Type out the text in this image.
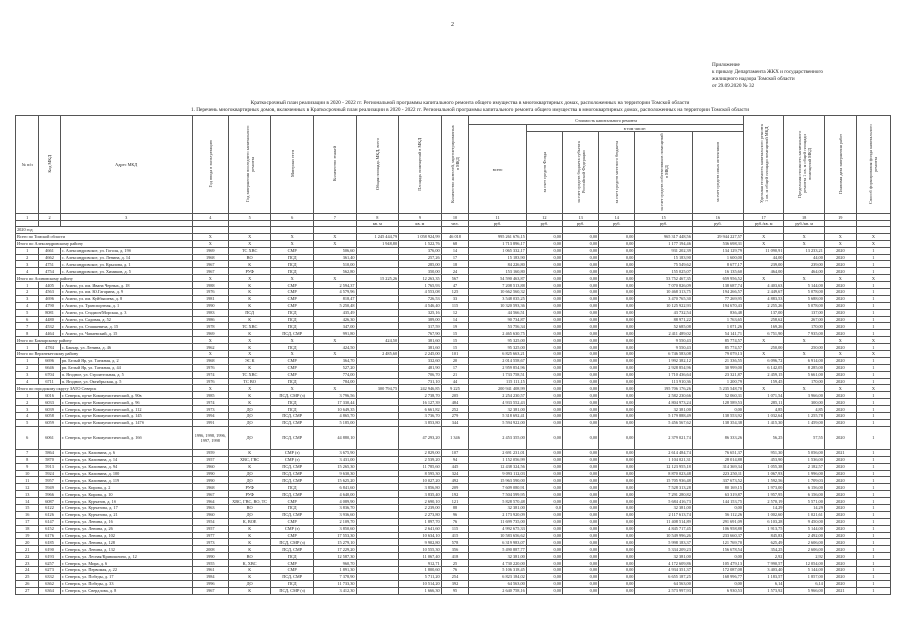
2
Приложение
к приказу Департамента ЖКХ и государственного
жилищного надзора Томской области
от 29.09.2020 № 32
Краткосрочный план реализации в 2020 - 2022 гг. Региональной программы капитального ремонта общего имущества в многоквартирных домах, расположенных на территории Томской области
1. Перечень многоквартирных домов, включенных в Краткосрочный план реализации в 2020 - 2022 гг. Региональной программы капитального ремонта общего имущества в многоквартирных домах, расположенных на территории Томской области
№ п/п	Код МКД	Адрес МКД	Год ввода в эксплуатацию	Год завершения последнего капитального ремонта	Материал стен	Количество этажей	Общая площадь МКД, всего	Площадь помещений в МКД	Количество жителей, зарегистрированных в МКД	Стоимость капитального ремонта						Удельная стоимость капитального ремонта 1 кв. м общей площади помещений МКД	Предельная стоимость капитального ремонта 1 кв. м общей площади помещений МКД	Плановая дата завершения работ	Способ формирования фонда капитального ремонта
										всего	в том числе:								
											за счет средств Фонда	за счет средств бюджета субъекта Российской Федерации	за счет средств местного бюджета	за счет средств собственников помещений в МКД	за счет средств иных источников				
1	2	3	4	5	6	7	8	9	10	11	12	13	14	15	16	17	18	19	
							кв. м	кв. м	чел.	руб.	руб.	руб.	руб.	руб.	руб.	руб./кв. м	руб./кв. м		
2020 год																			
Всего по Томской области			Х	Х	Х	Х	1 245 444,79	1 058 924,99	46 018	995 261 676,15	0,00	0,00	0,00	965 317 448,56	29 944 227,57	Х	Х	Х	Х
Итого по Александровскому району			Х	Х	Х	Х	1 948,80	1 522,76	68	1 713 896,17	0,00	0,00	0,00	1 177 194,46	536 698,31	Х	Х	Х	Х
1	4661	с. Александровское, ул. Гоголя, д. 19б	1969	ТС ХВС	СМР	506,60		376,00	14	1 065 332,17	0,00	0,00	0,00	931 202,39	134 129,79	11 090,91	13 233,21	2020	1
2	4662	с. Александровское, ул. Ленина, д. 14	1968	ВО	ПСД	361,40		257,26	17	15 183,90	0,00	0,00	0,00	15 183,90	1 600,00	44,00	44,00	2020	1
3	4751	с. Александровское, ул. Крылова, д. 1	1967	К	ПСД	510,00		285,00	18	84 226,80	0,00	0,00	0,00	75 549,62	8 677,17	239,00	239,00	2020	1
4	4754	с. Александровское, ул. Химиков, д. 5	1967	РУФ	ПСД	562,80		350,00	24	153 160,80	0,00	0,00	0,00	155 025,07	16 135,60	464,00	464,00	2020	1
Итого по Асиновскому району			Х	Х	Х	Х	15 225,26	12 263,35	567	54 590 463,87	0,00	0,00	0,00	53 752 467,35	659 956,52	Х	Х	Х	Х
1	4405	г. Асино, ул. им. Ивана Черных, д. 18	1988	К	СМР	2 594,37		1 765,93	47	7 208 513,88	0,00	0,00	0,00	7 070 826,09	138 687,74	4 403,63	5 144,00	2020	1
2	4563	г. Асино, ул. им. Ю.Гагарина, д. 9	1976	К	СМР	4 579,96		4 553,08	125	10 662 560,32	0,00	0,00	0,00	10 468 313,75	194 266,57	2 449,67	5 078,00	2020	1
3	4696	г. Асино, ул. им. Куйбышева, д. 8	1981	К	СМР	818,47		726,53	33	3 548 035,25	0,00	0,00	0,00	3 470 765,30	77 269,95	4 883,53	5 688,00	2020	1
4	4790	г. Асино, ул. Транспортная, д. 1	1990	К	СМР	5 250,48		4 546,40	115	10 320 593,36	0,00	0,00	0,00	10 125 922,93	194 670,43	2 255,26	5 078,00	2020	1
5	8081	г. Асино, ул. Стадион/Морская, д. 3	1983	ПСД	ПСД	435,49		325,16	12	44 566,51	0,00	0,00	0,00	43 732,54	836,48	137,00	137,00	2020	1
6	4480	г. Асино, ул. Садовая, д. 52	1986	К	ПСД	426,30		389,00	14	90 734,87	0,00	0,00	0,00	88 971,22	1 763,65	258,62	267,00	2020	1
7	4532	г. Асино, ул. Сташкевича, д. 15	1978	ТС ХВС	ПСД	347,00		317,59	19	53 756,34	0,00	0,00	0,00	52 685,08	1 071,26	169,26	170,00	2020	1
8	4464	г. Асино, ул. Чапаевский, д. 15	1969	К	ПСД, СМР	991,80		767,90	15	2 465 630,75	0,00	0,00	0,00	2 411 489,02	54 141,71	6 751,90	7 935,00	2020	1
Итого по Бакчарскому району			Х	Х	Х	Х	424,50	381,60	15	95 325,00	0,00	0,00	0,00	9 550,43	85 774,57	Х	Х	Х	Х
1	4784	с. Бакчар, ул. Ленина, д. 46	1962	К	ПСД	424,50		381,60	15	95 325,00	0,00	0,00	0,00	9 550,43	85 774,57	250,00	250,00	2020	1
Итого по Верхнекетскому району			Х	Х	Х	Х	2 485,60	2 245,00	101	6 825 663,21	0,00	0,00	0,00	6 746 583,08	79 079,13	Х	Х	Х	Х
1	6696	рп. Белый Яр, ул. Таежная, д. 2	1968	ЭС К	СМР	364,70		332,60	20	2 014 558,67	0,00	0,00	0,00	1 992 382,12	21 336,55	6 096,72	6 914,00	2020	1
2	6646	рп. Белый Яр, ул. Таежная, д. 44	1976	К	СМР	527,20		481,90	17	2 959 854,96	0,00	0,00	0,00	2 928 854,96	30 999,00	6 142,05	8 285,00	2020	1
3	6704	п. Ягодное, ул. Строительная, д. 5	1974	ТС ХВС	СМР	774,00		706,70	21	1 733 758,51	0,00	0,00	0,00	1 710 436,64	23 321,87	2 459,15	5 661,00	2020	1
4	6711	п. Ягодное, ул. Октябрьская, д. 5	1976	ТС ВО	ПСД	784,00		731,10	44	115 111,15	0,00	0,00	0,00	113 910,36	1 200,79	159,45	170,00	2020	1
Итого по городскому округу ЗАТО Северск			Х	Х	Х	Х	300 794,75	242 946,85	9 225	200 941 408,99	0,00	0,00	0,00	195 706 176,26	5 235 548,70	Х	Х	Х	Х
1	6016	г. Северск, пр-кт Коммунистический, д. 90в	1985	К	ПСД, СМР (з)	3 796,56		2 738,70	205	2 254 230,57	0,00	0,00	0,00	2 582 230,66	52 060,31	1 071,54	3 966,00	2020	1
2	6033	г. Северск, пр-кт Коммунистический, д. 96	1974	К	ПСД	17 330,44		16 127,39	484	4 933 552,43	0,00	0,00	0,00	4 804 973,24	128 589,53	285,11	300,00	2020	1
3	6039	г. Северск, пр-кт Коммунистический, д. 112	1973	ДО	ПСД	10 649,35		6 661,82	252	32 381,00	0,00	0,00	0,00	32 381,00	0,00	4,85	4,85	2020	1
4	6058	г. Северск, пр-кт Коммунистический, д. 145	1994	ДО	ПСД, СМР	4 865,70		3 736,70	279	5 318 692,41	0,00	0,00	0,00	5 179 888,49	138 553,92	1 032,64	1 255,78	2020	1
5	6059	г. Северск, пр-кт Коммунистический, д. 147б	1991	ДО	ПСД, СМР	5 185,00		3 853,80	344	5 594 922,00	0,00	0,00	0,00	5 456 567,62	138 354,38	1 415,30	1 459,00	2020	1
6	6061	г. Северск, пр-кт Коммунистический, д. 16б	1996, 1998, 1996, 1997, 1998	ДО	ПСД, СМР	44 880,10		47 293,20	1 346	2 453 355,00	0,00	0,00	0,00	2 379 021,74	86 333,26	56,25	57,55	2020	1
7	5864	г. Северск, ул. Калинина, д. 6	1959	К	СМР (з)	3 675,90		2 829,00	107	2 691 231,01	0,00	0,00	0,00	2 614 484,74	76 651,37	951,30	5 056,00	2021	1
8	5870	г. Северск, ул. Калинина, д. 14	1957	ХВС, ГВС	СМР (з)	3 431,00		2 539,20	94	1 152 056,99	0,00	0,00	0,00	1 104 021,31	28 014,88	453,90	1 536,00	2020	1
9	5913	г. Северск, ул. Калинина, д. 94	1960	К	ПСД, СМР	15 265,30		11 785,60	445	12 438 324,56	0,00	0,00	0,00	12 123 955,18	314 369,34	1 055,38	2 182,57	2020	1
10	5924	г. Северск, ул. Калинина, д. 100	1990	ДО	ПСД, СМР	9 630,30		8 595,30	324	9 093 112,03	0,00	0,00	0,00	8 870 023,48	223 250,11	1 067,93	1 996,00	2020	1
11	5957	г. Северск, ул. Калинина, д. 119	1990	ДО	ПСД, СМР	15 625,20		10 027,20	492	15 963 590,00	0,00	0,00	0,00	15 705 936,48	337 673,52	1 592,56	1 709,03	2020	1
12	5949	г. Северск, ул. Кирова, д. 2	1968	РУФ	ПСД	6 841,60		3 856,80	209	7 609 080,91	0,00	0,00	0,00	7 528 313,28	80 169,15	1 973,00	6 156,00	2020	1
13	5966	г. Северск, ул. Кирова, д. 10	1967	РУФ	ПСД, СМР	4 640,00		3 835,40	192	7 504 599,95	0,00	0,00	0,00	7 291 280,82	63 319,87	1 957,95	6 156,00	2020	1
14	6087	г. Северск, ул. Курчатов, д. 1б	1964	ХВС, ГВС, ВО, ТС	СМР	4 089,90		2 690,10	121	5 828 570,48	0,00	0,00	0,00	5 684 416,73	144 153,75	2 570,19	5 571,00	2020	1
15	6122	г. Северск, ул. Курчатова, д. 17	1963	ВО	ПСД	3 836,70		2 239,00	88	32 381,00	0,0	0,00	0,00	32 381,00	0,00	14,29	14,29	2020	1
16	6126	г. Северск, ул. Курчатова, д. 21	1960	ДО	ПСД, СМР	3 936,60		2 273,80	96	2 173 920,09	0,00	0,00	0,00	2 117 613,74	56 112,26	1 002,60	1 021,61	2020	1
17	6147	г. Северск, ул. Ленина, д. 16	1954	К, ВОЕ	СМР	2 109,70		1 897,70	76	11 699 735,00	0,00	0,00	0,00	11 408 514,89	291 691,09	6 103,28	9 450,00	2020	1
18	6152	г. Северск, ул. Ленина, д. 26	1957	К	СМР (з)	3 850,60		2 641,60	115	4 992 675,33	0,00	0,00	0,00	4 845 717,45	106 958,88	1 913,75	5 144,00	2020	1
19	6176	г. Северск, ул. Ленина, д. 102	1977	К	СМР	17 553,30		10 634,10	415	10 583 656,62	0,00	0,00	0,00	10 549 996,26	233 660,37	845,83	2 492,00	2020	1
20	6185	г. Северск, ул. Ленина, д. 128	1973	К	ПСД, СМР (з)	15 279,10		9 902,80	578	6 319 983,07	0,00	0,00	0,00	5 998 183,37	121 769,70	625,49	2 606,00	2020	1
21	6190	г. Северск, ул. Ленина, д. 132	2008	К	ПСД, СМР	17 229,20		10 555,30	356	5 490 887,77	0,00	0,00	0,00	5 334 209,23	156 678,54	354,25	2 606,00	2020	1
22	6193	г. Северск, ул. Лесная/Кривошеино, д. 12	1990	ВО	ПСД	12 587,30		11 067,40	418	32 381,00	0,00	0,00	0,00	32 381,00	0,00	2,92	2,92	2020	1
23	6257	г. Северск, ул. Мира, д. 6	1955	К, ХВС	СМР	960,70		912,71	25	4 730 220,00	0,00	0,00	0,00	4 172 609,86	105 479,13	7 990,57	12 054,00	2020	1
24	6273	г. Северск, ул. Первомая, д. 22	1961	К	СМР	1 891,30		1 800,60	76	5 106 318,45	0,00	0,00	0,00	4 934 351,37	172 087,08	3 403,40	5 144,00	2020	1
25	6332	г. Северск, ул. Победы, д. 17	1984	К	ПСД, СМР	7 378,90		5 711,20	254	6 823 184,02	0,00	0,00	0,00	6 655 187,25	168 996,77	1 183,57	1 857,00	2020	1
26	6362	г. Северск, ул. Победы, д. 33	1996	ДО	ПСД	11 733,30		10 514,20	392	64 563,00	0,00	0,00	0,00	64 563,00	0,00	6,14	6,14	2020	1
27	6364	г. Северск, ул. Свердлова, д. 8	1967	К	ПСД, СМР (з)	3 412,30		1 666,30	95	2 640 758,16	0,00	0,00	0,00	2 573 997,93	6 930,53	1 573,92	5 966,00	2021	1
